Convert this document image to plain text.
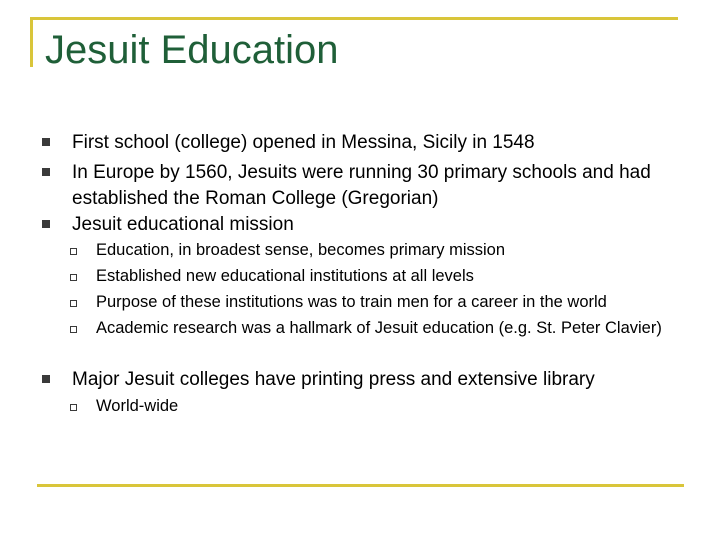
Jesuit Education
First school (college) opened in Messina, Sicily in 1548
In Europe by 1560, Jesuits were running 30 primary schools and had established the Roman College (Gregorian)
Jesuit educational mission
Education, in broadest sense, becomes primary mission
Established new educational institutions at all levels
Purpose of these institutions was to train men for a career in the world
Academic research was a hallmark of Jesuit education (e.g. St. Peter Clavier)
Major Jesuit colleges have printing press and extensive library
World-wide
